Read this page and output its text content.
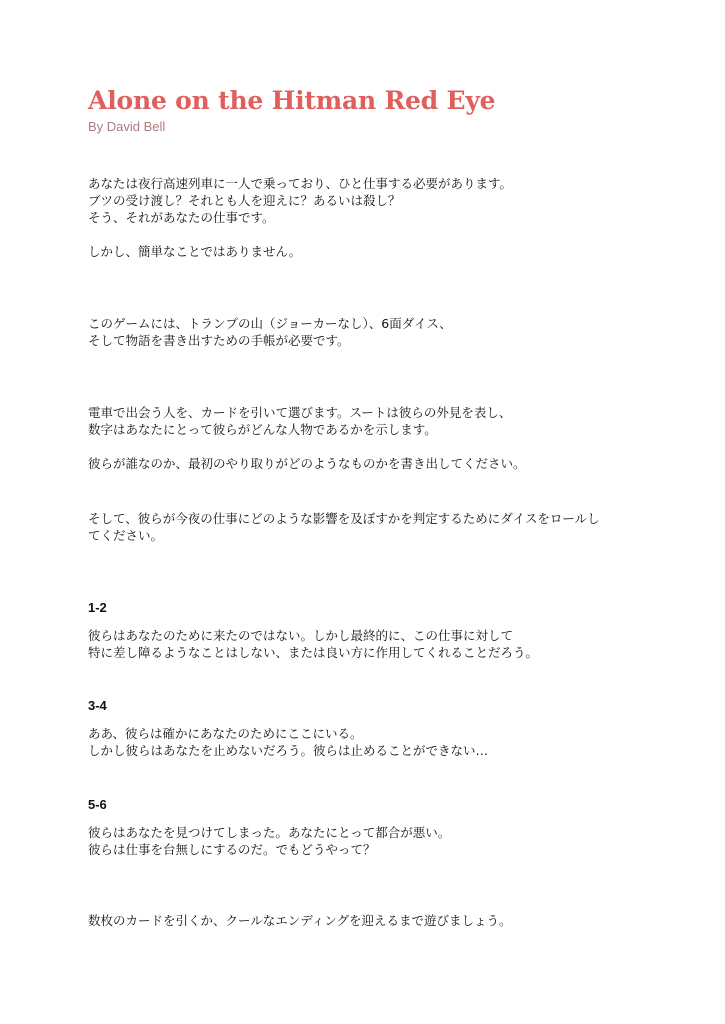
Alone on the Hitman Red Eye
By David Bell

あなたは夜行高速列車に一人で乗っており、ひと仕事する必要があります。

ブツの受け渡し？それとも人を迎えに？あるいは殺し？

そう、それがあなたの仕事です。

しかし、簡単なことではありません。

このゲームには、トランプの山（ジョーカーなし）、6面ダイス、

そして物語を書き出すための手帳が必要です。

電車で出会う人を、カードを引いて選びます。スートは彼らの外見を表し、

数字はあなたにとって彼らがどんな人物であるかを示します。

彼らが誰なのか、最初のやり取りがどのようなものかを書き出してください。

そして、彼らが今夜の仕事にどのような影響を及ぼすかを判定するためにダイスをロールし

てください。

1-2

彼らはあなたのために来たのではない。しかし最終的に、この仕事に対して

特に差し障るようなことはしない、または良い方に作用してくれることだろう。

3-4

ああ、彼らは確かにあなたのためにここにいる。

しかし彼らはあなたを止めないだろう。彼らは止めることができない…

5-6

彼らはあなたを見つけてしまった。あなたにとって都合が悪い。

彼らは仕事を台無しにするのだ。でもどうやって？

数枚のカードを引くか、クールなエンディングを迎えるまで遊びましょう。
